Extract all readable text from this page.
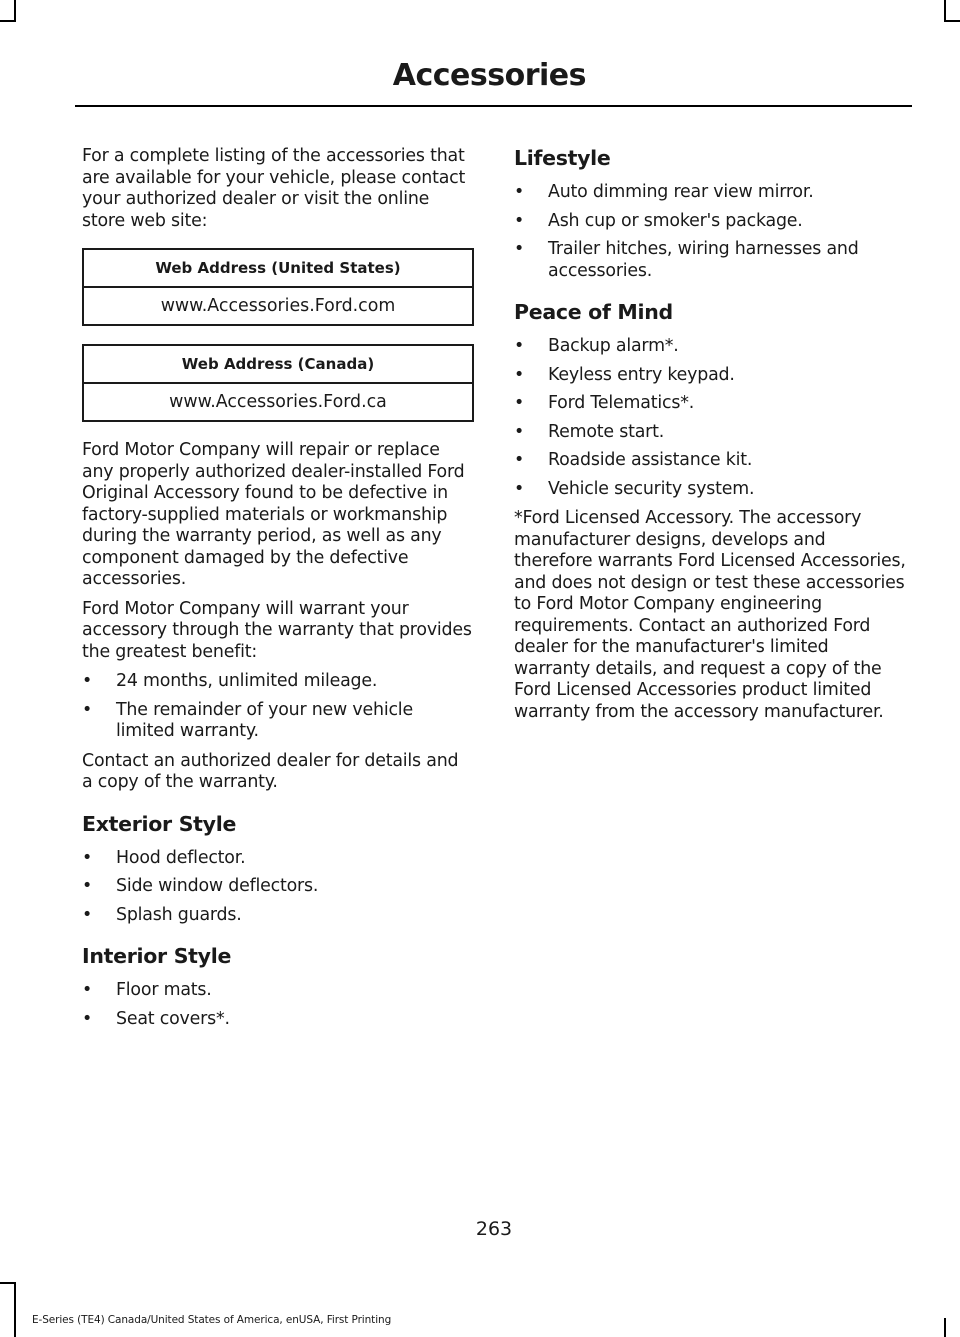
Accessories

For a complete listing of the accessories that are available for your vehicle, please contact your authorized dealer or visit the online store web site:

Web Address (United States)
www.Accessories.Ford.com
Web Address (Canada)
www.Accessories.Ford.ca

Ford Motor Company will repair or replace any properly authorized dealer-installed Ford Original Accessory found to be defective in factory-supplied materials or workmanship during the warranty period, as well as any component damaged by the defective accessories.

Ford Motor Company will warrant your accessory through the warranty that provides the greatest benefit:

• 24 months, unlimited mileage.
• The remainder of your new vehicle limited warranty.

Contact an authorized dealer for details and a copy of the warranty.

Exterior Style
• Hood deflector.
• Side window deflectors.
• Splash guards.
Interior Style
• Floor mats.
• Seat covers*.
Lifestyle
• Auto dimming rear view mirror.
• Ash cup or smoker's package.
• Trailer hitches, wiring harnesses and accessories.
Peace of Mind
• Backup alarm*.
• Keyless entry keypad.
• Ford Telematics*.
• Remote start.
• Roadside assistance kit.
• Vehicle security system.

*Ford Licensed Accessory. The accessory manufacturer designs, develops and therefore warrants Ford Licensed Accessories, and does not design or test these accessories to Ford Motor Company engineering requirements. Contact an authorized Ford dealer for the manufacturer's limited warranty details, and request a copy of the Ford Licensed Accessories product limited warranty from the accessory manufacturer.

263
E-Series (TE4) Canada/United States of America, enUSA, First Printing
